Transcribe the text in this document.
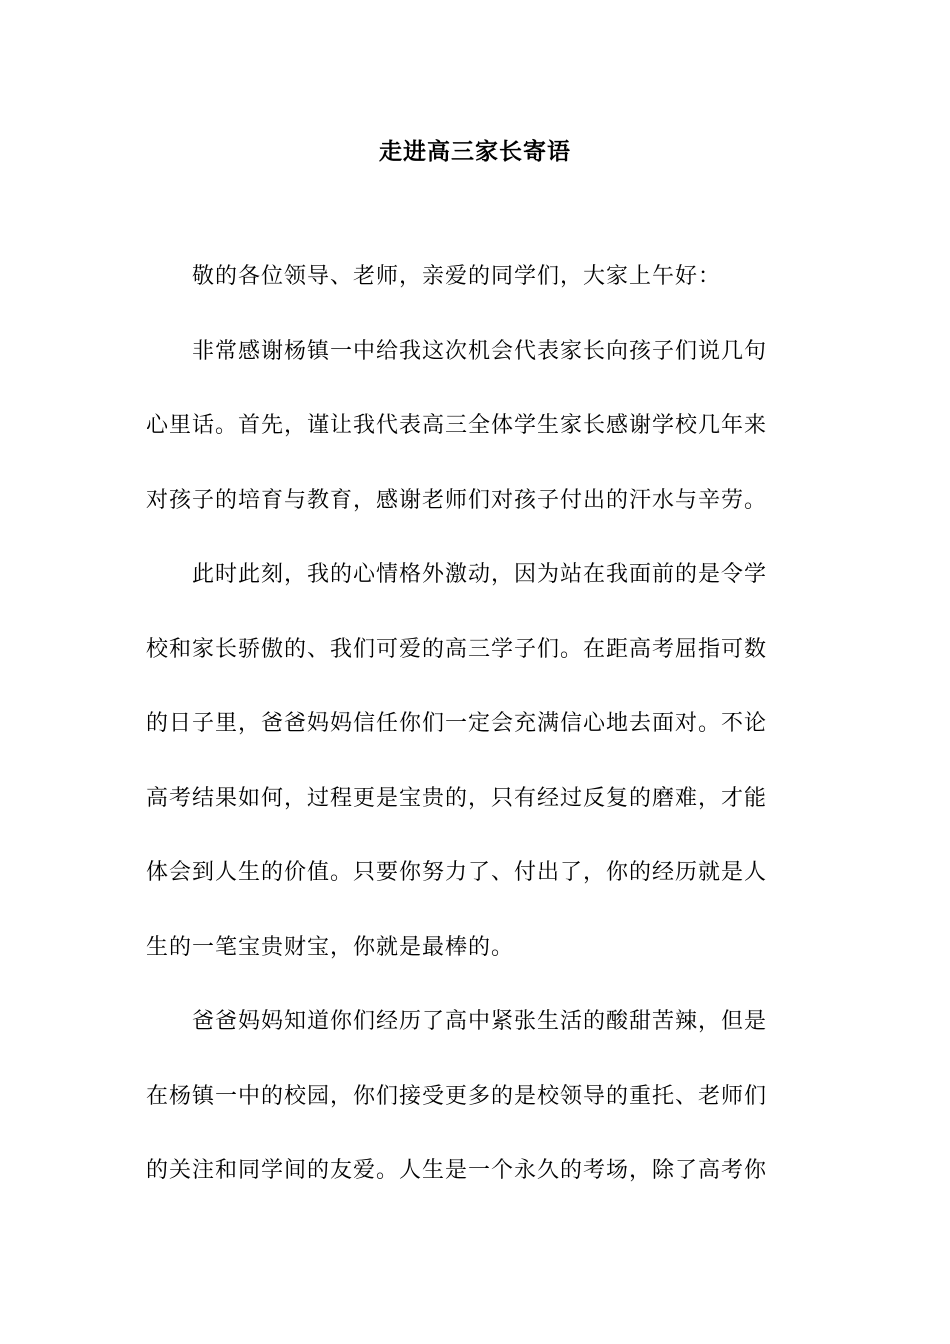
走进高三家长寄语
敬的各位领导、老师，亲爱的同学们，大家上午好：
非常感谢杨镇一中给我这次机会代表家长向孩子们说几句
心里话。首先，谨让我代表高三全体学生家长感谢学校几年来
对孩子的培育与教育，感谢老师们对孩子付出的汗水与辛劳。
此时此刻，我的心情格外激动，因为站在我面前的是令学
校和家长骄傲的、我们可爱的高三学子们。在距高考屈指可数
的日子里，爸爸妈妈信任你们一定会充满信心地去面对。不论
高考结果如何，过程更是宝贵的，只有经过反复的磨难，才能
体会到人生的价值。只要你努力了、付出了，你的经历就是人
生的一笔宝贵财宝，你就是最棒的。
爸爸妈妈知道你们经历了高中紧张生活的酸甜苦辣，但是
在杨镇一中的校园，你们接受更多的是校领导的重托、老师们
的关注和同学间的友爱。人生是一个永久的考场，除了高考你
